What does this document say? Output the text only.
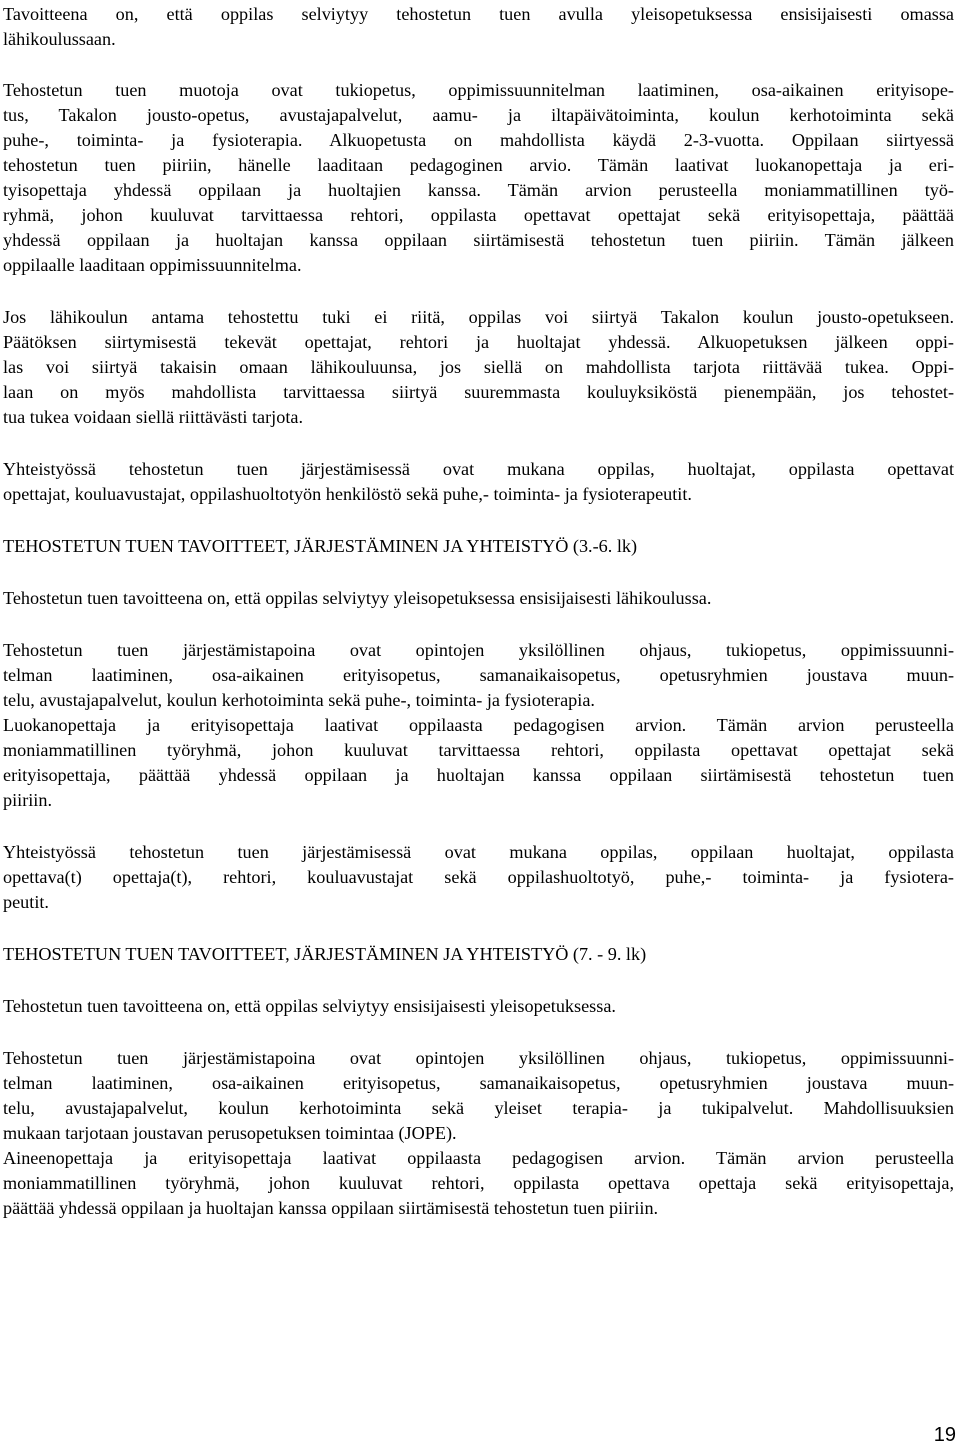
Tavoitteena on, että oppilas selviytyy tehostetun tuen avulla yleisopetuksessa ensisijaisesti omassa
lähikoulussaan.
Tehostetun tuen muotoja ovat tukiopetus, oppimissuunnitelman laatiminen, osa-aikainen erityisope-
tus, Takalon jousto-opetus, avustajapalvelut, aamu- ja iltapäivätoiminta, koulun kerhotoiminta sekä
puhe-, toiminta- ja fysioterapia. Alkuopetusta on mahdollista käydä 2-3-vuotta. Oppilaan siirtyessä
tehostetun tuen piiriin, hänelle laaditaan pedagoginen arvio. Tämän laativat luokanopettaja ja eri-
tyisopettaja yhdessä oppilaan ja huoltajien kanssa. Tämän arvion perusteella moniammatillinen työ-
ryhmä, johon kuuluvat tarvittaessa rehtori, oppilasta opettavat opettajat sekä erityisopettaja, päättää
yhdessä oppilaan ja huoltajan kanssa oppilaan siirtämisestä tehostetun tuen piiriin. Tämän jälkeen
oppilaalle laaditaan oppimissuunnitelma.
Jos lähikoulun antama tehostettu tuki ei riitä, oppilas voi siirtyä Takalon koulun jousto-opetukseen.
Päätöksen siirtymisestä tekevät opettajat, rehtori ja huoltajat yhdessä. Alkuopetuksen jälkeen oppi-
las voi siirtyä takaisin omaan lähikouluunsa, jos siellä on mahdollista tarjota riittävää tukea. Oppi-
laan on myös mahdollista tarvittaessa siirtyä suuremmasta kouluyksiköstä pienempään, jos tehostet-
tua tukea voidaan siellä riittävästi tarjota.
Yhteistyössä tehostetun tuen järjestämisessä ovat mukana oppilas, huoltajat, oppilasta opettavat
opettajat, kouluavustajat, oppilashuoltotyön henkilöstö sekä puhe,- toiminta- ja fysioterapeutit.
TEHOSTETUN TUEN TAVOITTEET, JÄRJESTÄMINEN JA YHTEISTYÖ (3.-6. lk)
Tehostetun tuen tavoitteena on, että oppilas selviytyy yleisopetuksessa ensisijaisesti lähikoulussa.
Tehostetun tuen järjestämistapoina ovat opintojen yksilöllinen ohjaus, tukiopetus, oppimissuunni-
telman laatiminen, osa-aikainen erityisopetus, samanaikaisopetus, opetusryhmien joustava muun-
telu, avustajapalvelut, koulun kerhotoiminta sekä puhe-, toiminta- ja fysioterapia.
Luokanopettaja ja erityisopettaja laativat oppilaasta pedagogisen arvion. Tämän arvion perusteella
moniammatillinen työryhmä, johon kuuluvat tarvittaessa rehtori, oppilasta opettavat opettajat sekä
erityisopettaja, päättää yhdessä oppilaan ja huoltajan kanssa oppilaan siirtämisestä tehostetun tuen
piiriin.
Yhteistyössä tehostetun tuen järjestämisessä ovat mukana oppilas, oppilaan huoltajat, oppilasta
opettava(t) opettaja(t), rehtori, kouluavustajat sekä oppilashuoltotyö, puhe,- toiminta- ja fysiotera-
peutit.
TEHOSTETUN TUEN TAVOITTEET, JÄRJESTÄMINEN JA YHTEISTYÖ (7. - 9. lk)
Tehostetun tuen tavoitteena on, että oppilas selviytyy ensisijaisesti yleisopetuksessa.
Tehostetun tuen järjestämistapoina ovat opintojen yksilöllinen ohjaus, tukiopetus, oppimissuunni-
telman laatiminen, osa-aikainen erityisopetus, samanaikaisopetus, opetusryhmien joustava muun-
telu, avustajapalvelut, koulun kerhotoiminta sekä yleiset terapia- ja tukipalvelut. Mahdollisuuksien
mukaan tarjotaan joustavan perusopetuksen toimintaa (JOPE).
Aineenopettaja ja erityisopettaja laativat oppilaasta pedagogisen arvion. Tämän arvion perusteella
moniammatillinen työryhmä, johon kuuluvat rehtori, oppilasta opettava opettaja sekä erityisopettaja,
päättää yhdessä oppilaan ja huoltajan kanssa oppilaan siirtämisestä tehostetun tuen piiriin.
19
